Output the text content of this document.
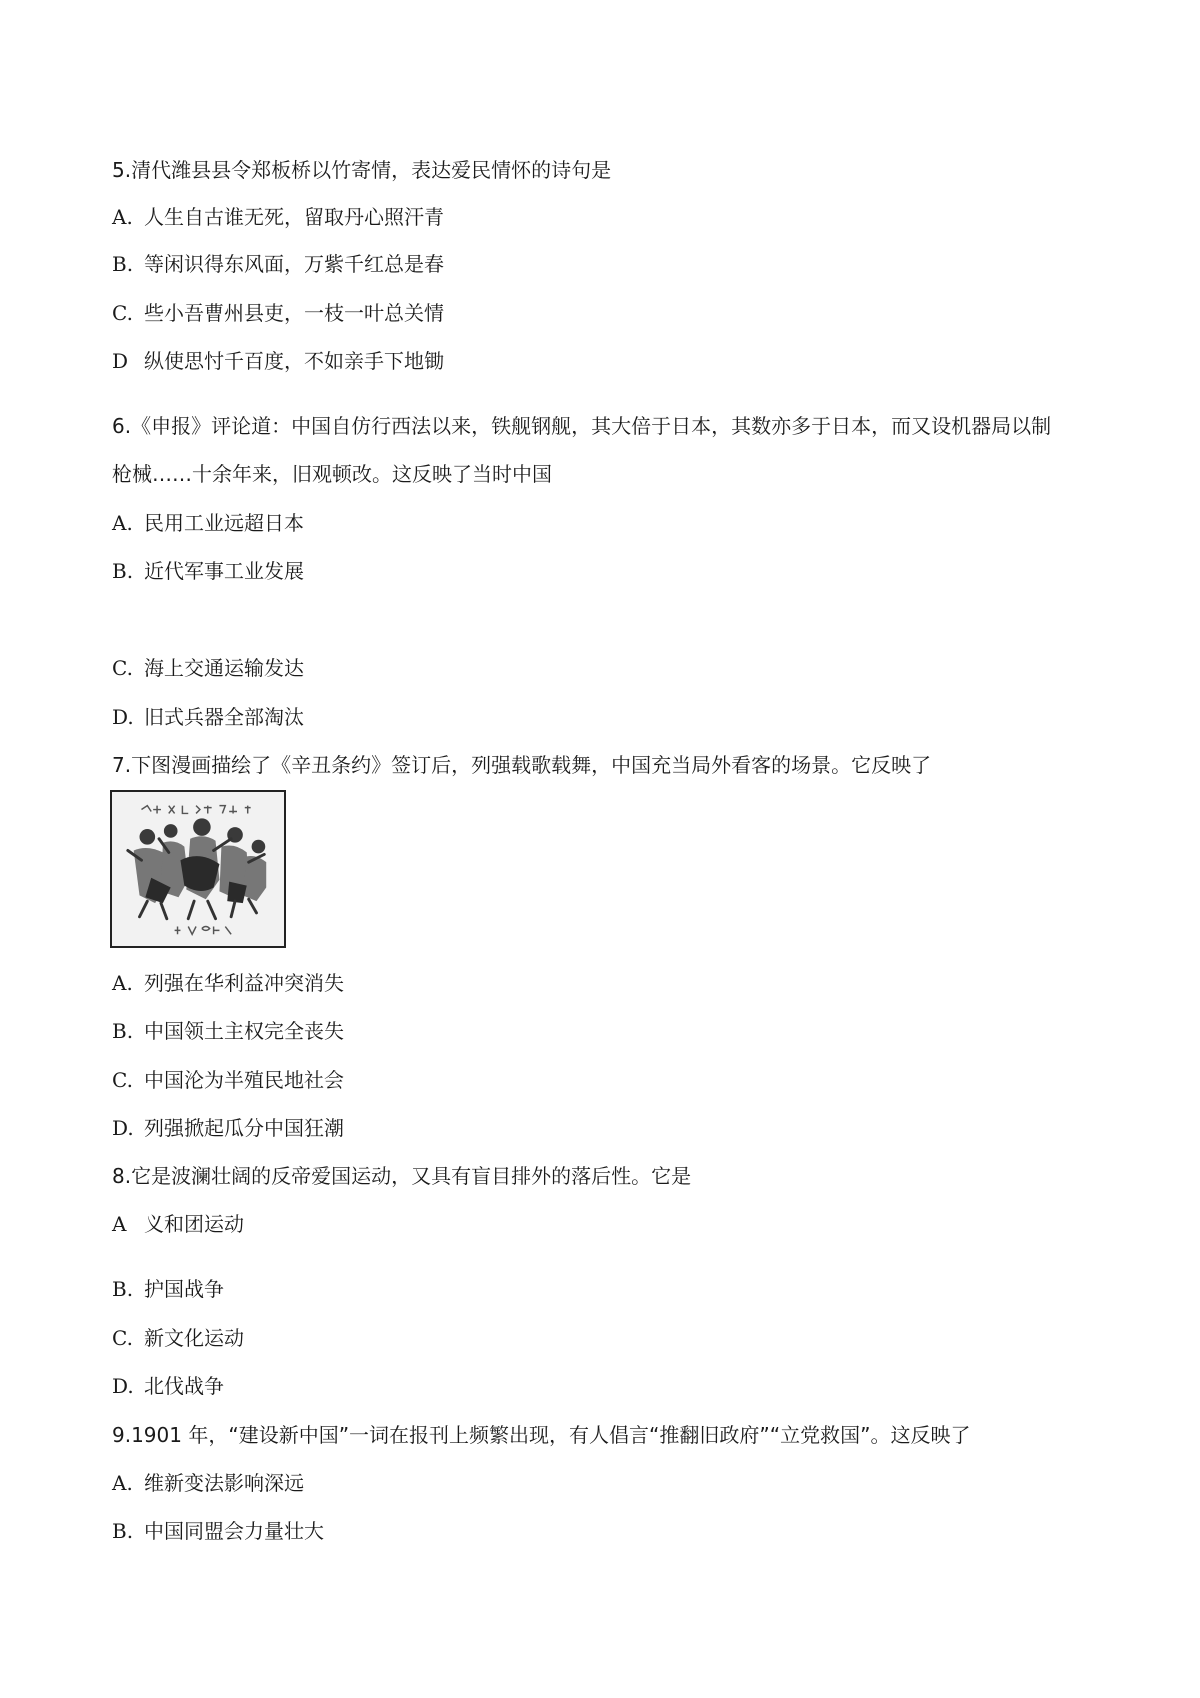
5.清代潍县县令郑板桥以竹寄情，表达爱民情怀的诗句是
A. 人生自古谁无死，留取丹心照汗青
B. 等闲识得东风面，万紫千红总是春
C. 些小吾曹州县吏，一枝一叶总关情
D 纵使思忖千百度，不如亲手下地锄
6.《申报》评论道：中国自仿行西法以来，铁舰钢舰，其大倍于日本，其数亦多于日本，而又设机器局以制
枪械……十余年来，旧观顿改。这反映了当时中国
A. 民用工业远超日本
B. 近代军事工业发展
C. 海上交通运输发达
D. 旧式兵器全部淘汰
7.下图漫画描绘了《辛丑条约》签订后，列强载歌载舞，中国充当局外看客的场景。它反映了
A. 列强在华利益冲突消失
B. 中国领土主权完全丧失
C. 中国沦为半殖民地社会
D. 列强掀起瓜分中国狂潮
8.它是波澜壮阔的反帝爱国运动，又具有盲目排外的落后性。它是
A 义和团运动
B. 护国战争
C. 新文化运动
D. 北伐战争
9.1901 年，“建设新中国”一词在报刊上频繁出现，有人倡言“推翻旧政府”“立党救国”。这反映了
A. 维新变法影响深远
B. 中国同盟会力量壮大
